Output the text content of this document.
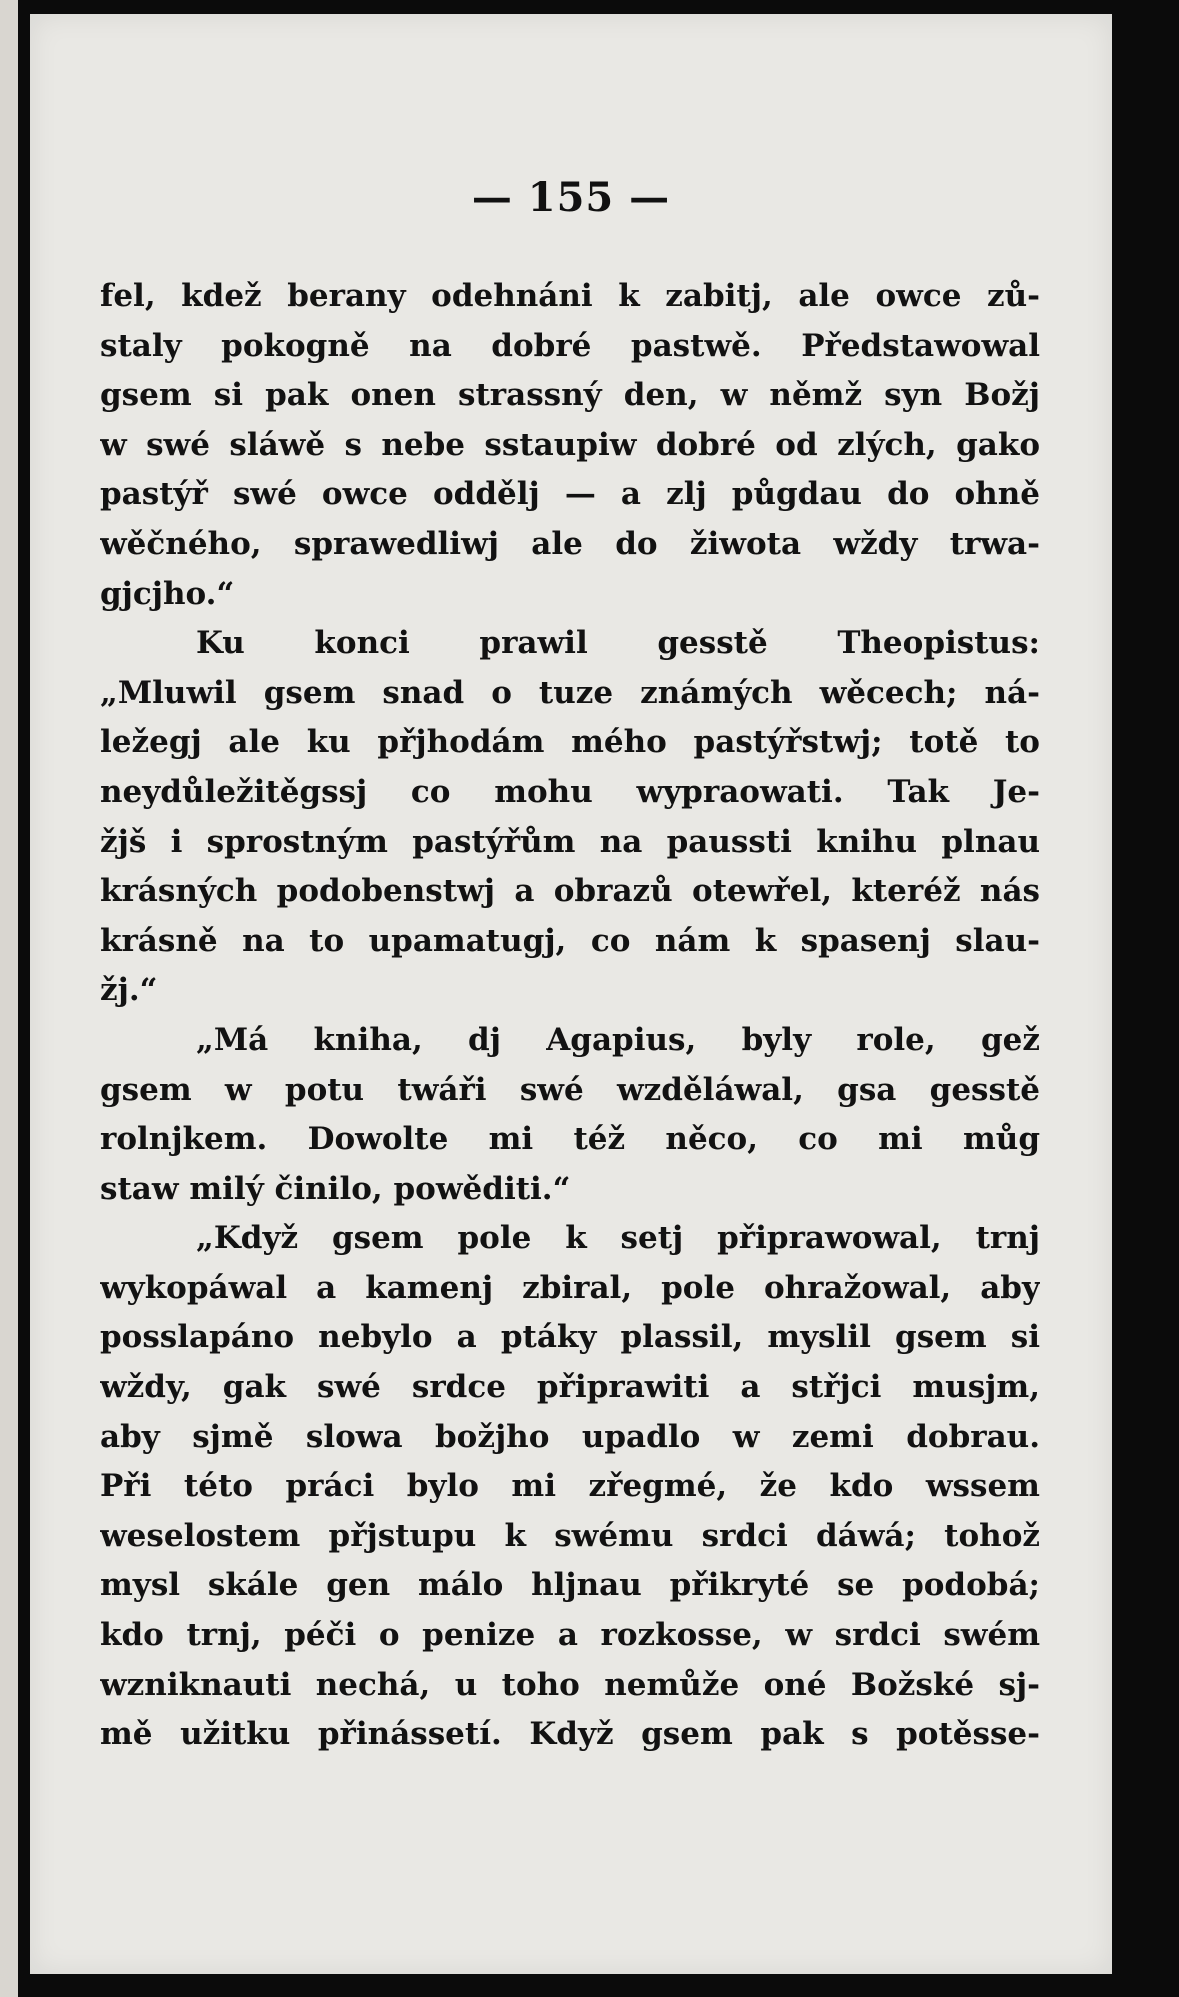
— 155 —
fel, kdež berany odehnáni k zabitj, ale owce zů-
staly pokogně na dobré pastwě. Předstawowal
gsem si pak onen strassný den, w němž syn Božj
w swé sláwě s nebe sstaupiw dobré od zlých, gako
pastýř swé owce oddělj — a zlj půgdau do ohně
wěčného, sprawedliwj ale do žiwota wždy trwa-
gjcjho.“
Ku konci prawil gesstě Theopistus:
„Mluwil gsem snad o tuze známých wěcech; ná-
ležegj ale ku přjhodám mého pastýřstwj; totě to
neydůležitěgssj co mohu wypraowati. Tak Je-
žjš i sprostným pastýřům na paussti knihu plnau
krásných podobenstwj a obrazů otewřel, kteréž nás
krásně na to upamatugj, co nám k spasenj slau-
žj.“
„Má kniha, dj Agapius, byly role, gež
gsem w potu twáři swé wzděláwal, gsa gesstě
rolnjkem. Dowolte mi též něco, co mi můg
staw milý činilo, powěditi.“
„Když gsem pole k setj připrawowal, trnj
wykopáwal a kamenj zbiral, pole ohražowal, aby
posslapáno nebylo a ptáky plassil, myslil gsem si
wždy, gak swé srdce připrawiti a střjci musjm,
aby sjmě slowa božjho upadlo w zemi dobrau.
Při této práci bylo mi zřegmé, že kdo wssem
weselostem přjstupu k swému srdci dáwá; tohož
mysl skále gen málo hljnau přikryté se podobá;
kdo trnj, péči o penize a rozkosse, w srdci swém
wzniknauti nechá, u toho nemůže oné Božské sj-
mě užitku přinássetí. Když gsem pak s potěsse-
